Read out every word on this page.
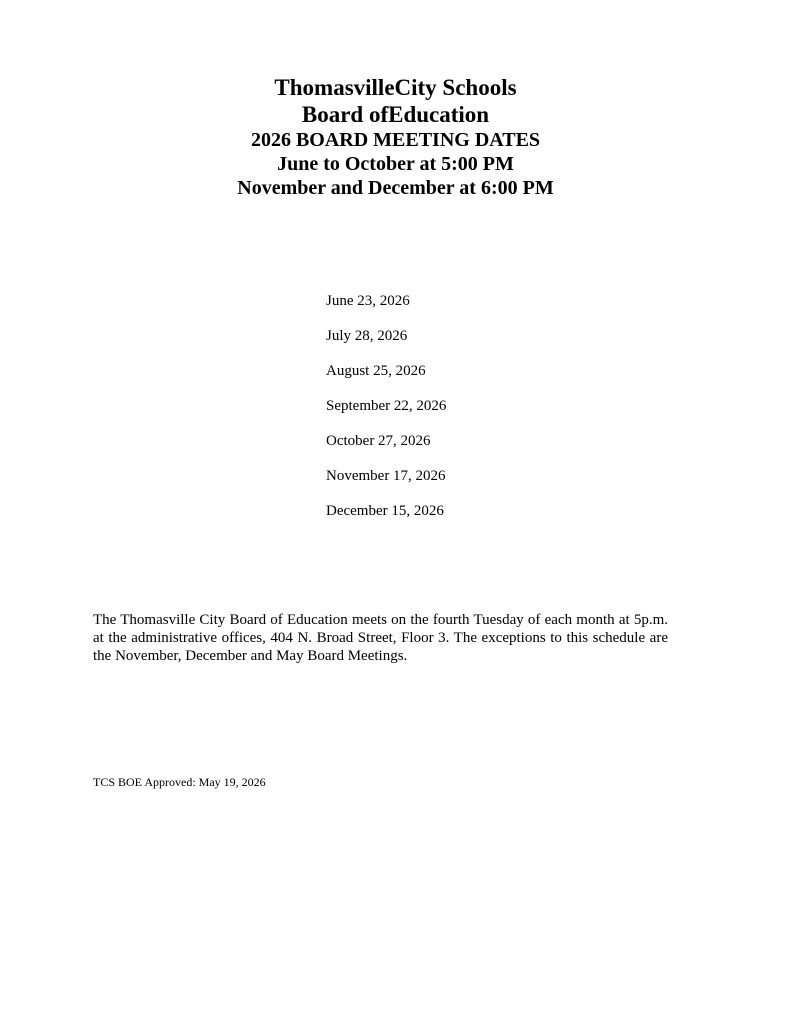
ThomasvilleCity Schools
Board ofEducation
2026 BOARD MEETING DATES
June to October at 5:00 PM
November and December at 6:00 PM
June 23, 2026
July 28, 2026
August 25, 2026
September 22, 2026
October 27, 2026
November 17, 2026
December 15, 2026

The Thomasville City Board of Education meets on the fourth Tuesday of each month at 5p.m. at the administrative offices, 404 N. Broad Street, Floor 3. The exceptions to this schedule are the November, December and May Board Meetings.

TCS BOE Approved: May 19, 2026
